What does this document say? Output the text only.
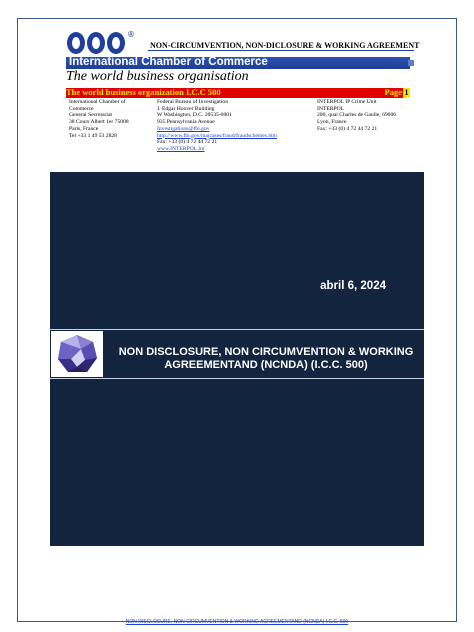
®
NON-CIRCUMVENTION, NON-DICLOSURE & WORKING AGREEMENT
International Chamber of Commerce
The world business organisation
The world business organization I.C.C 500	Page 1
International Chamber of
Commerce
General Secretariat
38 Cours Albert 1er 75008
Paris, France
Tel +33 1 49 53 2828
Federal Bureau of Investigation
J. Edgar Hoover Building
W Washington, D.C. 20535-0001
935 Pennsylvania Avenue
Investigations@fbi.gov
http://www.fbi.gov/majcases/fraud/fraudschemes.htm
Fax: +33 (0) 4 72 44 72 21
www.INTERPOL.int
INTERPOL IP Crime Unit
INTERPOL
200, quai Charles de Gaulle, 69006
Lyon, France
Fax: +33 (0) 4 72 44 72 21
abril 6, 2024
NON DISCLOSURE, NON CIRCUMVENTION & WORKING AGREEMENTAND (NCNDA) (I.C.C. 500)
NON DISCLOSURE, NON CIRCUMVENTION & WORKING AGREEMENTAND (NCNDA) I.C.C. 500
